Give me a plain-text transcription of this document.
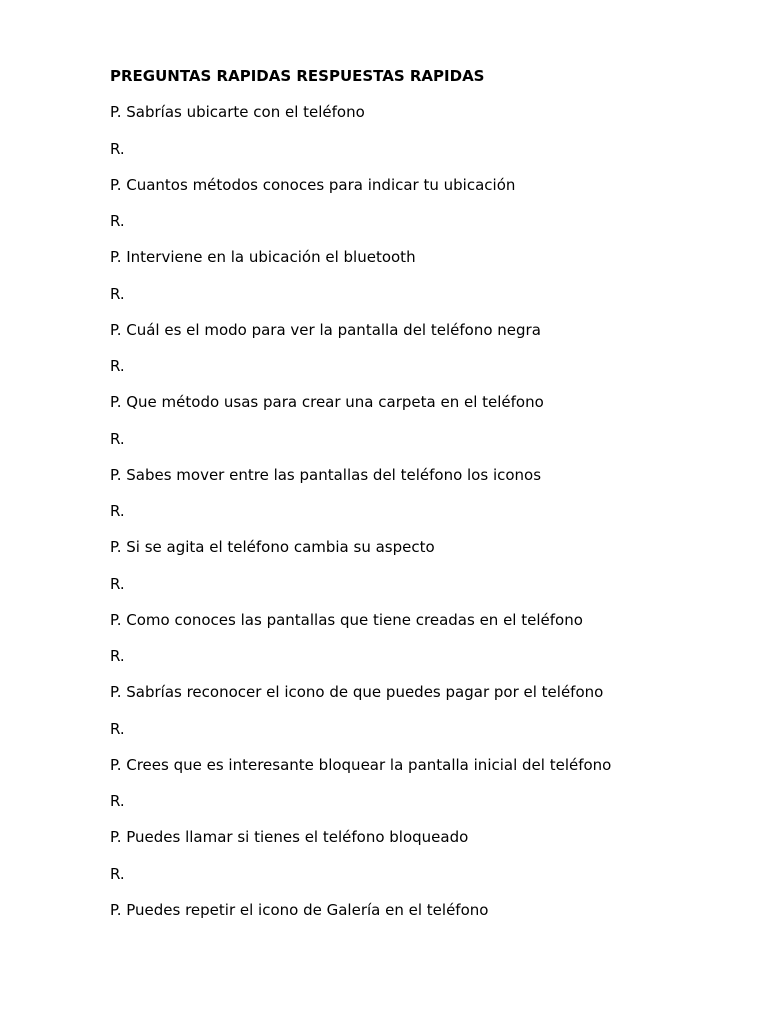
PREGUNTAS RAPIDAS RESPUESTAS RAPIDAS
P. Sabrías ubicarte con el teléfono
R.
P. Cuantos métodos conoces para indicar tu ubicación
R.
P. Interviene en la ubicación el bluetooth
R.
P. Cuál es el modo para ver la pantalla del teléfono negra
R.
P. Que método usas para crear una carpeta en el teléfono
R.
P. Sabes mover entre las pantallas del teléfono los iconos
R.
P. Si se agita el teléfono cambia su aspecto
R.
P. Como conoces las pantallas que tiene creadas en el teléfono
R.
P. Sabrías reconocer el icono de que puedes pagar por el teléfono
R.
P. Crees que es interesante bloquear la pantalla inicial del teléfono
R.
P. Puedes llamar si tienes el teléfono bloqueado
R.
P. Puedes repetir el icono de Galería en el teléfono
